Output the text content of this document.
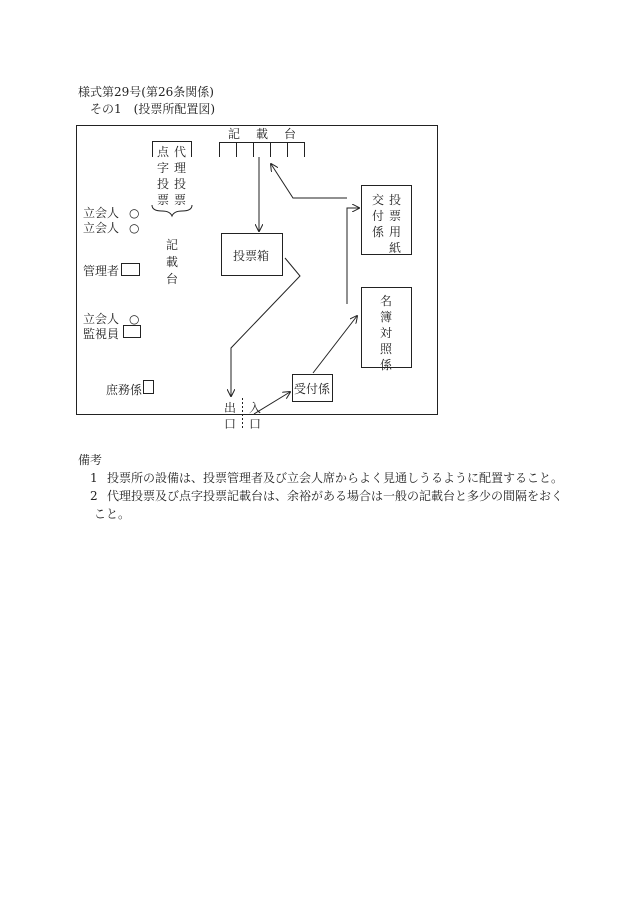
様式第29号(第26条関係)
その1　(投票所配置図)
記　載　台
点字投票
代理投票
記載台
立会人 ○
立会人 ○
管理者
立会人 ○
監視員
庶務係
投票箱
交付係
投票用紙
名簿対照係
受付係
出口
入口
備考
1 投票所の設備は、投票管理者及び立会人席からよく見通しうるように配置すること。
2 代理投票及び点字投票記載台は、余裕がある場合は一般の記載台と多少の間隔をおく
こと。
